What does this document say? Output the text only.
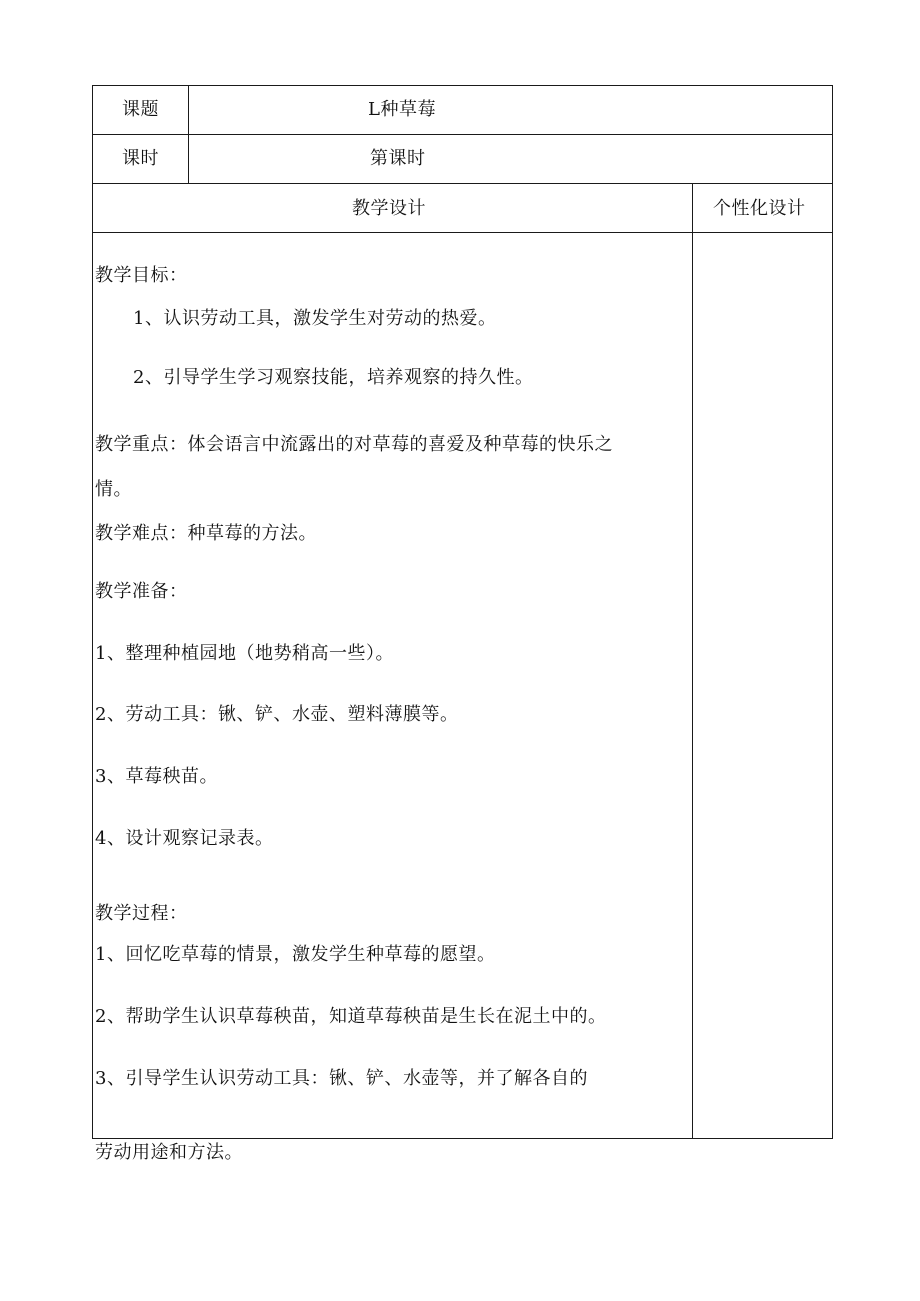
课题	L种草莓
课时	第课时
教学设计	个性化设计
教学目标：
1、认识劳动工具，激发学生对劳动的热爱。
2、引导学生学习观察技能，培养观察的持久性。
教学重点：体会语言中流露出的对草莓的喜爱及种草莓的快乐之
情。
教学难点：种草莓的方法。
教学准备：
1、整理种植园地（地势稍高一些）。
2、劳动工具：锹、铲、水壶、塑料薄膜等。
3、草莓秧苗。
4、设计观察记录表。
教学过程：
1、回忆吃草莓的情景，激发学生种草莓的愿望。
2、帮助学生认识草莓秧苗，知道草莓秧苗是生长在泥土中的。
3、引导学生认识劳动工具：锹、铲、水壶等，并了解各自的
劳动用途和方法。
